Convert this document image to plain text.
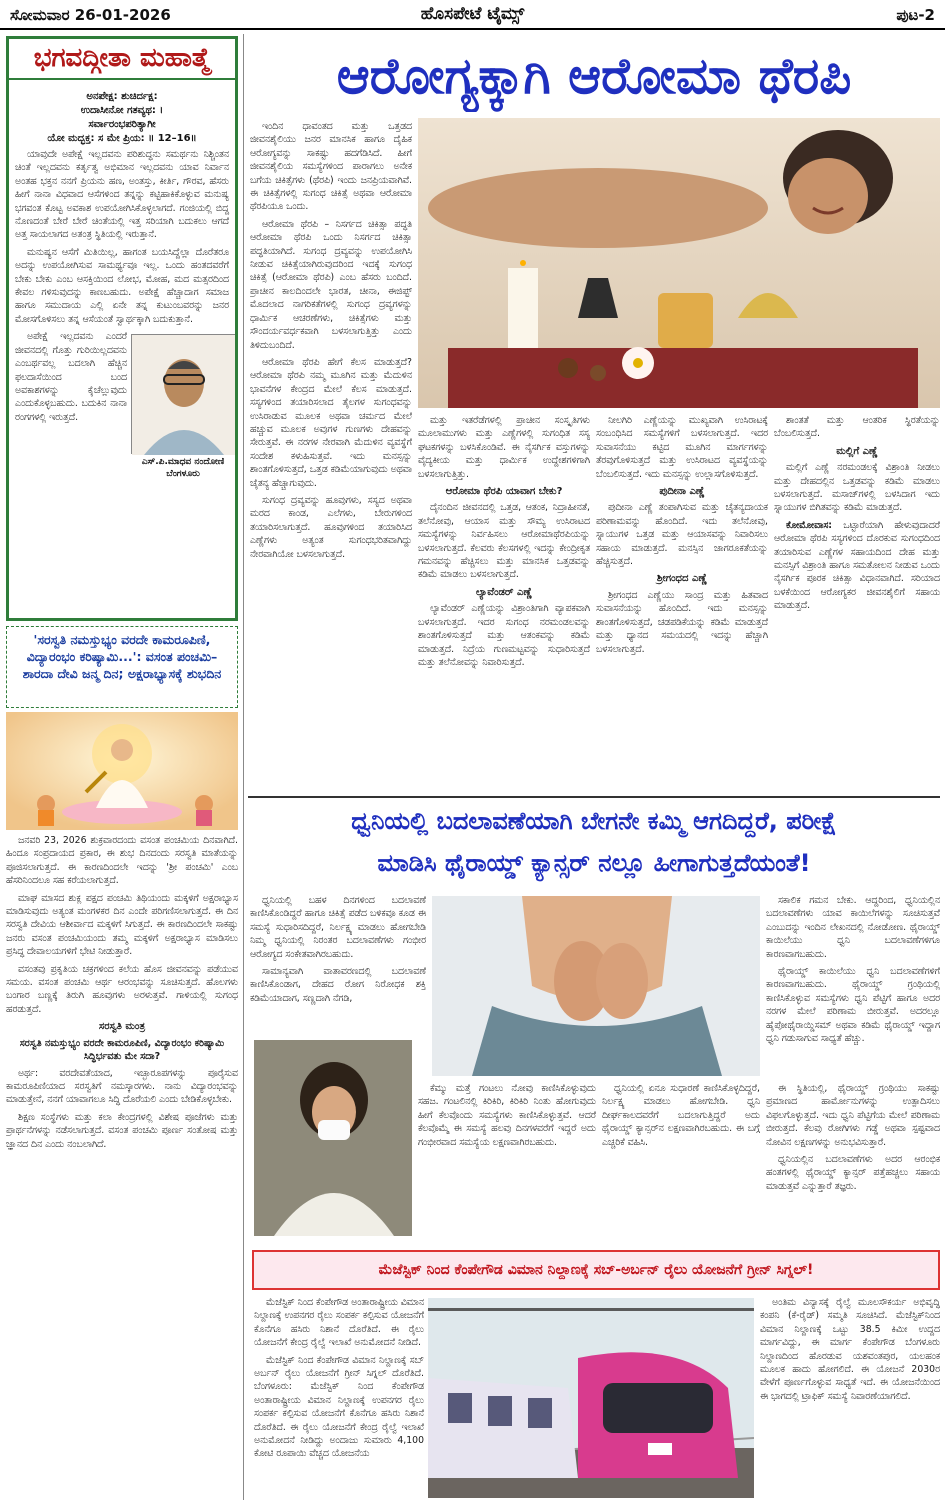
ಸೋಮವಾರ 26-01-2026	ಹೊಸಪೇಟೆ ಟೈಮ್ಸ್	ಪುಟ-2
ಭಗವದ್ಗೀತಾ ಮಹಾತ್ಮೆ
ಅನಪೇಕ್ಷ: ಶುಚಿರ್ದಕ್ಷ:
ಉದಾಸೀನೋ ಗತವ್ಯಥ: ।
ಸರ್ವಾರಂಭಪರಿತ್ಯಾಗೀ
ಯೋ ಮದ್ಭಕ್ತ: ಸ ಮೇ ಪ್ರಿಯ: ॥ 12–16॥

ಯಾವುದೇ ಅಪೇಕ್ಷೆ ಇಲ್ಲದವನು ಪರಿಶುದ್ಧನು ಸಮರ್ಥನು ನಿಶ್ಚಿಂತನ ಚಿಂತೆ ಇಲ್ಲದವನು ಕರ್ತೃತ್ವ ಅಭಿಮಾನ ಇಲ್ಲದವನು ಯಾವ ನಿರ್ವಾನ ಅಂತಹ ಭಕ್ತನ ನನಗೆ ಪ್ರಿಯನು ಹಣ, ಅಂತಸ್ತು, ಕೀರ್ತಿ, ಗೌರವ, ಹೆಸರು ಹೀಗೆ ನಾನಾ ವಿಧವಾದ ಆಸೆಗಳಿಂದ ತನ್ನನ್ನು ಕಟ್ಟಿಹಾಕಿಕೊಳ್ಳುವ ಮನುಷ್ಯ ಭಗವಂತ ಕೊಟ್ಟ ಅವಕಾಶ ಉಪಯೋಗಿಸಿಕೊಳ್ಳಲಾಗದೆ. ಗಂಜಿಯಲ್ಲಿ ಬಿದ್ದ ನೊಣದಂತೆ ಬೇರೆ ಬೇರೆ ಚಿಂತೆಯಲ್ಲಿ ಇತ್ತ ಸರಿಯಾಗಿ ಬದುಕಲು ಆಗದೆ ಅತ್ತ ಸಾಯಲಾಗದ ಅತಂತ್ರ ಸ್ಥಿತಿಯಲ್ಲಿ ಇರುತ್ತಾನೆ.

ಮನುಷ್ಯನ ಆಸೆಗೆ ಮಿತಿಯಿಲ್ಲ, ಹಾಗಂತ ಬಯಸಿದ್ದೆಲ್ಲಾ ದೊರೆತರೂ ಅದನ್ನು ಉಪಯೋಗಿಸುವ ಸಾಮರ್ಥ್ಯವೂ ಇಲ್ಲ. ಒಂದು ಹಂತದವರೆಗೆ ಬೇಕು ಬೇಕು ಎಂಬ ಆಸಕ್ತಿಯಿಂದ ಲೋಭ, ಮೋಹ, ಮದ ಮತ್ಸರದಿಂದ ಕೇವಲ ಗಳಿಸುವುದನ್ನು ಕಾಣಬಹುದು. ಅಪೇಕ್ಷೆ ಹೆಚ್ಚಾದಾಗ ಸಮಾಜ ಹಾಗೂ ಸಮುದಾಯ ಎಲ್ಲಿ ಏನೇ ತನ್ನ ಕುಟುಂಬವರನ್ನು ಜನರ ಮೋಸಗೊಳಿಸಲು ತನ್ನ ಆಸೆಯಂತೆ ಸ್ವಾರ್ಥಕ್ಕಾಗಿ ಬದುಕುತ್ತಾನೆ.

ಅಪೇಕ್ಷೆ ಇಲ್ಲದವನು ಎಂದರೆ ಜೀವನದಲ್ಲಿ ಗೊತ್ತು ಗುರಿಯಿಲ್ಲದವನು ಎಂಬರ್ಥವಲ್ಲ ಬದಲಾಗಿ ಹೆಚ್ಚಿನ ಫಲದಾಸೆಯಿಂದ ಬಂದ ಅವಕಾಶಗಳನ್ನು ಕೈಚೆಲ್ಲುವುದು ಎಂದುಕೊಳ್ಳಬಹುದು. ಬದುಕಿನ ನಾನಾ ರಂಗಗಳಲ್ಲಿ ಇರುತ್ತದೆ.

ಎಸ್.ಪಿ.ಮಾಧವ ನಂದೋಣಿ
ಬೆಂಗಳೂರು
'ಸರಸ್ವತಿ ನಮಸ್ತುಭ್ಯಂ ವರದೇ ಕಾಮರೂಪಿಣಿ, ವಿದ್ಯಾರಂಭಂ ಕರಿಷ್ಯಾಮಿ...': ವಸಂತ ಪಂಚಮಿ– ಶಾರದಾ ದೇವಿ ಜನ್ಮ ದಿನ; ಅಕ್ಷರಾಭ್ಯಾಸಕ್ಕೆ ಶುಭದಿನ

ಜನವರಿ 23, 2026 ಶುಕ್ರವಾರದಂದು ವಸಂತ ಪಂಚಮಿಯ ದಿನವಾಗಿದೆ. ಹಿಂದೂ ಸಂಪ್ರದಾಯದ ಪ್ರಕಾರ, ಈ ಶುಭ ದಿನದಂದು ಸರಸ್ವತಿ ಮಾತೆಯನ್ನು ಪೂಜಿಸಲಾಗುತ್ತದೆ. ಈ ಕಾರಣದಿಂದಲೇ ಇದನ್ನು 'ಶ್ರೀ ಪಂಚಮಿ' ಎಂಬ ಹೆಸರಿನಿಂದಲೂ ಸಹ ಕರೆಯಲಾಗುತ್ತದೆ.

ಮಾಘ ಮಾಸದ ಶುಕ್ಲ ಪಕ್ಷದ ಪಂಚಮಿ ತಿಥಿಯಂದು ಮಕ್ಕಳಿಗೆ ಅಕ್ಷರಾಭ್ಯಾಸ ಮಾಡಿಸುವುದು ಅತ್ಯಂತ ಮಂಗಳಕರ ದಿನ ಎಂದೇ ಪರಿಗಣಿಸಲಾಗುತ್ತದೆ. ಈ ದಿನ ಸರಸ್ವತಿ ದೇವಿಯ ಆಶೀರ್ವಾದ ಮಕ್ಕಳಿಗೆ ಸಿಗುತ್ತದೆ. ಈ ಕಾರಣದಿಂದಲೇ ಸಾಕಷ್ಟು ಜನರು ವಸಂತ ಪಂಚಮಿಯಂದು ತಮ್ಮ ಮಕ್ಕಳಿಗೆ ಅಕ್ಷರಾಭ್ಯಾಸ ಮಾಡಿಸಲು ಪ್ರಸಿದ್ಧ ದೇವಾಲಯಗಳಿಗೆ ಭೇಟಿ ನೀಡುತ್ತಾರೆ.

ವಸಂತವು ಪ್ರಕೃತಿಯ ಚಕ್ರಗಳಿಂದ ಕಲೆಯ ಹೊಸ ಜೀವನವನ್ನು ಪಡೆಯುವ ಸಮಯ. ವಸಂತ ಪಂಚಮಿ ಆರ್ಥ ಆರಂಭವನ್ನು ಸೂಚಿಸುತ್ತದೆ. ಹೊಲಗಳು ಬಂಗಾರ ಬಣ್ಣಕ್ಕೆ ತಿರುಗಿ ಹೂವುಗಳು ಅರಳುತ್ತವೆ. ಗಾಳಿಯಲ್ಲಿ ಸುಗಂಧ ಹರಡುತ್ತದೆ.

ಸರಸ್ವತಿ ಮಂತ್ರ
ಸರಸ್ವತಿ ನಮಸ್ತುಭ್ಯಂ ವರದೇ ಕಾಮರೂಪಿಣಿ, ವಿದ್ಯಾರಂಭಂ ಕರಿಷ್ಯಾಮಿ ಸಿದ್ಧಿರ್ಭವತು ಮೇ ಸದಾ?

ಅರ್ಥ: ವರದೇವತೆಯಾದ, ಇಚ್ಛಾರೂಪಗಳನ್ನು ಪೂರೈಸುವ ಕಾಮರೂಪಿಣಿಯಾದ ಸರಸ್ವತಿಗೆ ನಮಸ್ಕಾರಗಳು. ನಾನು ವಿದ್ಯಾರಂಭವನ್ನು ಮಾಡುತ್ತೇನೆ, ನನಗೆ ಯಾವಾಗಲೂ ಸಿದ್ಧಿ ದೊರೆಯಲಿ ಎಂದು ಬೇಡಿಕೊಳ್ಳಬೇಕು.

ಶಿಕ್ಷಣ ಸಂಸ್ಥೆಗಳು ಮತ್ತು ಕಲಾ ಕೇಂದ್ರಗಳಲ್ಲಿ ವಿಶೇಷ ಪೂಜೆಗಳು ಮತ್ತು ಪ್ರಾರ್ಥನೆಗಳನ್ನು ನಡೆಸಲಾಗುತ್ತದೆ. ವಸಂತ ಪಂಚಮಿ ಪೂರ್ಣ ಸಂತೋಷ ಮತ್ತು ಜ್ಞಾನದ ದಿನ ಎಂದು ನಂಬಲಾಗಿದೆ.

ಆರೋಗ್ಯಕ್ಕಾಗಿ ಆರೋಮಾ ಥೆರಪಿ

ಇಂದಿನ ಧಾವಂತದ ಮತ್ತು ಒತ್ತಡದ ಜೀವನಶೈಲಿಯು ಜನರ ಮಾನಸಿಕ ಹಾಗೂ ದೈಹಿಕ ಆರೋಗ್ಯವನ್ನು ಸಾಕಷ್ಟು ಹದಗೆಡಿಸಿದೆ. ಹೀಗೆ ಜೀವನಶೈಲಿಯ ಸಮಸ್ಯೆಗಳಿಂದ ಪಾರಾಗಲು ಅನೇಕ ಬಗೆಯ ಚಿಕಿತ್ಸೆಗಳು (ಥೆರಪಿ) ಇಂದು ಜನಪ್ರಿಯವಾಗಿವೆ. ಈ ಚಿಕಿತ್ಸೆಗಳಲ್ಲಿ ಸುಗಂಧ ಚಿಕಿತ್ಸೆ ಅಥವಾ ಆರೋಮಾ ಥೆರಪಿಯೂ ಒಂದು.

ಆರೋಮಾ ಥೆರಪಿ – ನಿಸರ್ಗದ ಚಿಕಿತ್ಸಾ ಪದ್ಧತಿ ಆರೋಮಾ ಥೆರಪಿ ಒಂದು ನಿಸರ್ಗದ ಚಿಕಿತ್ಸಾ ಪದ್ಧತಿಯಾಗಿದೆ. ಸುಗಂಧ ದ್ರವ್ಯವನ್ನು ಉಪಯೋಗಿಸಿ ನೀಡುವ ಚಿಕಿತ್ಸೆಯಾಗಿರುವುದರಿಂದ ಇದಕ್ಕೆ ಸುಗಂಧ ಚಿಕಿತ್ಸೆ (ಆರೋಮಾ ಥೆರಪಿ) ಎಂಬ ಹೆಸರು ಬಂದಿದೆ. ಪ್ರಾಚೀನ ಕಾಲದಿಂದಲೇ ಭಾರತ, ಚೀನಾ, ಈಜಿಪ್ಟ್ ಮೊದಲಾದ ನಾಗರಿಕತೆಗಳಲ್ಲಿ ಸುಗಂಧ ದ್ರವ್ಯಗಳನ್ನು ಧಾರ್ಮಿಕ ಆಚರಣೆಗಳು, ಚಿಕಿತ್ಸೆಗಳು ಮತ್ತು ಸೌಂದರ್ಯವರ್ಧಕವಾಗಿ ಬಳಸಲಾಗುತ್ತಿತ್ತು ಎಂದು ತಿಳಿದುಬಂದಿದೆ.

ಆರೋಮಾ ಥೆರಪಿ ಹೇಗೆ ಕೆಲಸ ಮಾಡುತ್ತದೆ? ಆರೋಮಾ ಥೆರಪಿ ನಮ್ಮ ಮೂಗಿನ ಮತ್ತು ಮೆದುಳಿನ ಭಾವನೆಗಳ ಕೇಂದ್ರದ ಮೇಲೆ ಕೆಲಸ ಮಾಡುತ್ತದೆ. ಸಸ್ಯಗಳಿಂದ ತಯಾರಿಸಲಾದ ತೈಲಗಳ ಸುಗಂಧವನ್ನು ಉಸಿರಾಡುವ ಮೂಲಕ ಅಥವಾ ಚರ್ಮದ ಮೇಲೆ ಹಚ್ಚುವ ಮೂಲಕ ಅವುಗಳ ಗುಣಗಳು ದೇಹವನ್ನು ಸೇರುತ್ತವೆ. ಈ ನರಗಳ ನೇರವಾಗಿ ಮೆದುಳಿನ ವ್ಯವಸ್ಥೆಗೆ ಸಂದೇಶ ಕಳುಹಿಸುತ್ತವೆ. ಇದು ಮನಸ್ಸನ್ನು ಶಾಂತಗೊಳಿಸುತ್ತದೆ, ಒತ್ತಡ ಕಡಿಮೆಯಾಗುವುದು ಅಥವಾ ಚೈತನ್ಯ ಹೆಚ್ಚಾಗುವುದು.

ಸುಗಂಧ ದ್ರವ್ಯವನ್ನು ಹೂವುಗಳು, ಸಸ್ಯದ ಅಥವಾ ಮರದ ಕಾಂಡ, ಎಲೆಗಳು, ಬೇರುಗಳಿಂದ ತಯಾರಿಸಲಾಗುತ್ತದೆ. ಹೂವುಗಳಿಂದ ತಯಾರಿಸಿದ ಎಣ್ಣೆಗಳು ಅತ್ಯಂತ ಸುಗಂಧಭರಿತವಾಗಿದ್ದು ನೇರವಾಗಿಯೋ ಬಳಸಲಾಗುತ್ತದೆ.

ಮತ್ತು ಇತರೆಡೆಗಳಲ್ಲಿ ಪ್ರಾಚೀನ ಸಂಸ್ಕೃತಿಗಳು ಮೂಲಾಮುಗಳು ಮತ್ತು ಎಣ್ಣೆಗಳಲ್ಲಿ ಸುಗಂಧಿತ ಸಸ್ಯ ಘಟಕಗಳನ್ನು ಬಳಸಿಕೊಂಡಿವೆ. ಈ ನೈಸರ್ಗಿಕ ವಸ್ತುಗಳನ್ನು ವೈದ್ಯಕೀಯ ಮತ್ತು ಧಾರ್ಮಿಕ ಉದ್ದೇಶಗಳಿಗಾಗಿ ಬಳಸಲಾಗುತ್ತಿತ್ತು.

ಆರೋಮಾ ಥೆರಪಿ ಯಾವಾಗ ಬೇಕು?

ದೈನಂದಿನ ಜೀವನದಲ್ಲಿ ಒತ್ತಡ, ಆತಂಕ, ನಿದ್ರಾಹೀನತೆ, ತಲೆನೋವು, ಆಯಾಸ ಮತ್ತು ಸೌಮ್ಯ ಉಸಿರಾಟದ ಸಮಸ್ಯೆಗಳನ್ನು ನಿರ್ವಹಿಸಲು ಆರೋಮಾಥೆರಪಿಯನ್ನು ಬಳಸಲಾಗುತ್ತದೆ. ಕೆಲವರು ಕೆಲಸಗಳಲ್ಲಿ ಇದನ್ನು ಕೇಂದ್ರೀಕೃತ ಗಮನವನ್ನು ಹೆಚ್ಚಿಸಲು ಮತ್ತು ಮಾನಸಿಕ ಒತ್ತಡವನ್ನು ಕಡಿಮೆ ಮಾಡಲು ಬಳಸಲಾಗುತ್ತದೆ.

ಲ್ಯಾವೆಂಡರ್ ಎಣ್ಣೆ

ಲ್ಯಾವೆಂಡರ್ ಎಣ್ಣೆಯನ್ನು ವಿಶ್ರಾಂತಿಗಾಗಿ ವ್ಯಾಪಕವಾಗಿ ಬಳಸಲಾಗುತ್ತದೆ. ಇದರ ಸುಗಂಧ ನರಮಂಡಲವನ್ನು ಶಾಂತಗೊಳಿಸುತ್ತದೆ ಮತ್ತು ಆತಂಕವನ್ನು ಕಡಿಮೆ ಮಾಡುತ್ತದೆ. ನಿದ್ರೆಯ ಗುಣಮಟ್ಟವನ್ನು ಸುಧಾರಿಸುತ್ತದೆ ಮತ್ತು ತಲೆನೋವನ್ನು ನಿವಾರಿಸುತ್ತದೆ.

ನೀಲಗಿರಿ ಎಣ್ಣೆಯನ್ನು ಮುಖ್ಯವಾಗಿ ಉಸಿರಾಟಕ್ಕೆ ಸಂಬಂಧಿಸಿದ ಸಮಸ್ಯೆಗಳಿಗೆ ಬಳಸಲಾಗುತ್ತದೆ. ಇದರ ಸುವಾಸನೆಯು ಕಟ್ಟಿದ ಮೂಗಿನ ಮಾರ್ಗಗಳನ್ನು ತೆರವುಗೊಳಿಸುತ್ತದೆ ಮತ್ತು ಉಸಿರಾಟದ ವ್ಯವಸ್ಥೆಯನ್ನು ಬೆಂಬಲಿಸುತ್ತದೆ. ಇದು ಮನಸ್ಸನ್ನು ಉಲ್ಲಾಸಗೊಳಿಸುತ್ತದೆ.

ಪುದೀನಾ ಎಣ್ಣೆ

ಪುದೀನಾ ಎಣ್ಣೆ ತಂಪಾಗಿಸುವ ಮತ್ತು ಚೈತನ್ಯದಾಯಕ ಪರಿಣಾಮವನ್ನು ಹೊಂದಿದೆ. ಇದು ತಲೆನೋವು, ಸ್ನಾಯುಗಳ ಒತ್ತಡ ಮತ್ತು ಆಯಾಸವನ್ನು ನಿವಾರಿಸಲು ಸಹಾಯ ಮಾಡುತ್ತದೆ. ಮನಸ್ಸಿನ ಜಾಗರೂಕತೆಯನ್ನು ಹೆಚ್ಚಿಸುತ್ತದೆ.

ಶ್ರೀಗಂಧದ ಎಣ್ಣೆ

ಶ್ರೀಗಂಧದ ಎಣ್ಣೆಯು ಸಾಂದ್ರ ಮತ್ತು ಹಿತವಾದ ಸುವಾಸನೆಯನ್ನು ಹೊಂದಿದೆ. ಇದು ಮನಸ್ಸನ್ನು ಶಾಂತಗೊಳಿಸುತ್ತದೆ, ಚಡಪಡಿಕೆಯನ್ನು ಕಡಿಮೆ ಮಾಡುತ್ತದೆ ಮತ್ತು ಧ್ಯಾನದ ಸಮಯದಲ್ಲಿ ಇದನ್ನು ಹೆಚ್ಚಾಗಿ ಬಳಸಲಾಗುತ್ತದೆ.

ಶಾಂತತೆ ಮತ್ತು ಆಂತರಿಕ ಸ್ಥಿರತೆಯನ್ನು ಬೆಂಬಲಿಸುತ್ತದೆ.

ಮಲ್ಲಿಗೆ ಎಣ್ಣೆ

ಮಲ್ಲಿಗೆ ಎಣ್ಣೆ ನರಮಂಡಲಕ್ಕೆ ವಿಶ್ರಾಂತಿ ನೀಡಲು ಮತ್ತು ದೇಹದಲ್ಲಿನ ಒತ್ತಡವನ್ನು ಕಡಿಮೆ ಮಾಡಲು ಬಳಸಲಾಗುತ್ತದೆ. ಮಸಾಜ್‌ಗಳಲ್ಲಿ ಬಳಸಿದಾಗ ಇದು ಸ್ನಾಯುಗಳ ಬಿಗಿತವನ್ನು ಕಡಿಮೆ ಮಾಡುತ್ತದೆ.

ಕೋಮೋವಾಸ: ಒಟ್ಟಾರೆಯಾಗಿ ಹೇಳುವುದಾದರೆ ಆರೋಮಾ ಥೆರಪಿ ಸಸ್ಯಗಳಿಂದ ದೊರಕುವ ಸುಗಂಧದಿಂದ ತಯಾರಿಸುವ ಎಣ್ಣೆಗಳ ಸಹಾಯದಿಂದ ದೇಹ ಮತ್ತು ಮನಸ್ಸಿಗೆ ವಿಶ್ರಾಂತಿ ಹಾಗೂ ಸಮತೋಲನ ನೀಡುವ ಒಂದು ನೈಸರ್ಗಿಕ ಪೂರಕ ಚಿಕಿತ್ಸಾ ವಿಧಾನವಾಗಿದೆ. ಸರಿಯಾದ ಬಳಕೆಯಿಂದ ಆರೋಗ್ಯಕರ ಜೀವನಶೈಲಿಗೆ ಸಹಾಯ ಮಾಡುತ್ತದೆ.

ಧ್ವನಿಯಲ್ಲಿ ಬದಲಾವಣೆಯಾಗಿ ಬೇಗನೇ ಕಮ್ಮಿ ಆಗದಿದ್ದರೆ, ಪರೀಕ್ಷೆ
ಮಾಡಿಸಿ ಥೈರಾಯ್ಡ್ ಕ್ಯಾನ್ಸರ್ ನಲ್ಲೂ ಹೀಗಾಗುತ್ತದೆಯಂತೆ!

ಧ್ವನಿಯಲ್ಲಿ ಬಹಳ ದಿನಗಳಿಂದ ಬದಲಾವಣೆ ಕಾಣಿಸಿಕೊಂಡಿದ್ದರೆ ಹಾಗೂ ಚಿಕಿತ್ಸೆ ಪಡೆದ ಬಳಿಕವೂ ಕೂಡ ಈ ಸಮಸ್ಯೆ ಸುಧಾರಿಸದಿದ್ದರೆ, ನಿರ್ಲಕ್ಷ್ಯ ಮಾಡಲು ಹೋಗಬೇಡಿ ನಿಮ್ಮ ಧ್ವನಿಯಲ್ಲಿ ನಿರಂತರ ಬದಲಾವಣೆಗಳು ಗಂಭೀರ ಆರೋಗ್ಯದ ಸಂಕೇತವಾಗಿರಬಹುದು.

ಸಾಮಾನ್ಯವಾಗಿ ವಾತಾವರಣದಲ್ಲಿ ಬದಲಾವಣೆ ಕಾಣಿಸಿಕೊಂಡಾಗ, ದೇಹದ ರೋಗ ನಿರೋಧಕ ಶಕ್ತಿ ಕಡಿಮೆಯಾದಾಗ, ಸಣ್ಣದಾಗಿ ನೆಗಡಿ,

ಸಕಾಲಿಕ ಗಮನ ಬೇಕು. ಆದ್ದರಿಂದ, ಧ್ವನಿಯಲ್ಲಿನ ಬದಲಾವಣೆಗಳು ಯಾವ ಕಾಯಿಲೆಗಳನ್ನು ಸೂಚಿಸುತ್ತವೆ ಎಂಬುದನ್ನು ಇಂದಿನ ಲೇಖನದಲ್ಲಿ ನೋಡೋಣ. ಥೈರಾಯ್ಡ್ ಕಾಯಿಲೆಯು ಧ್ವನಿ ಬದಲಾವಣೆಗಳಿಗೂ ಕಾರಣವಾಗಬಹುದು.

ಥೈರಾಯ್ಡ್ ಕಾಯಿಲೆಯು ಧ್ವನಿ ಬದಲಾವಣೆಗಳಿಗೆ ಕಾರಣವಾಗಬಹುದು. ಥೈರಾಯ್ಡ್ ಗ್ರಂಥಿಯಲ್ಲಿ ಕಾಣಿಸಿಕೊಳ್ಳುವ ಸಮಸ್ಯೆಗಳು ಧ್ವನಿ ಪೆಟ್ಟಿಗೆ ಹಾಗೂ ಅದರ ನರಗಳ ಮೇಲೆ ಪರಿಣಾಮ ಬೀರುತ್ತವೆ. ಅದರಲ್ಲೂ ಹೈಪೋಥೈರಾಯ್ಡಿಸಮ್ ಅಥವಾ ಕಡಿಮೆ ಥೈರಾಯ್ಡ್ ಇದ್ದಾಗ ಧ್ವನಿ ಗಡುಸಾಗುವ ಸಾಧ್ಯತೆ ಹೆಚ್ಚು.

ಕೆಮ್ಮು ಮತ್ತೆ ಗಂಟಲು ನೋವು ಕಾಣಿಸಿಕೊಳ್ಳುವುದು ಸಹಜ. ಗಂಟಲಿನಲ್ಲಿ ಕಿರಿಕಿರಿ, ಕಿರಿಕಿರಿ ನಿಂತು ಹೋಗುವುದು ಹೀಗೆ ಕೆಲವೊಂದು ಸಮಸ್ಯೆಗಳು ಕಾಣಿಸಿಕೊಳ್ಳುತ್ತವೆ. ಆದರೆ ಕೆಲವೊಮ್ಮೆ ಈ ಸಮಸ್ಯೆ ಹಲವು ದಿನಗಳವರೆಗೆ ಇದ್ದರೆ ಅದು ಗಂಭೀರವಾದ ಸಮಸ್ಯೆಯ ಲಕ್ಷಣವಾಗಿರಬಹುದು.

ಧ್ವನಿಯಲ್ಲಿ ಏನೂ ಸುಧಾರಣೆ ಕಾಣಿಸಿಕೊಳ್ಳದಿದ್ದರೆ, ನಿರ್ಲಕ್ಷ್ಯ ಮಾಡಲು ಹೋಗಬೇಡಿ. ಧ್ವನಿ ದೀರ್ಘಕಾಲದವರೆಗೆ ಬದಲಾಗುತ್ತಿದ್ದರೆ ಅದು ಥೈರಾಯ್ಡ್ ಕ್ಯಾನ್ಸರ್‌ನ ಲಕ್ಷಣವಾಗಿರಬಹುದು. ಈ ಬಗ್ಗೆ ಎಚ್ಚರಿಕೆ ವಹಿಸಿ.

ಈ ಸ್ಥಿತಿಯಲ್ಲಿ, ಥೈರಾಯ್ಡ್ ಗ್ರಂಥಿಯು ಸಾಕಷ್ಟು ಪ್ರಮಾಣದ ಹಾರ್ಮೋನುಗಳನ್ನು ಉತ್ಪಾದಿಸಲು ವಿಫಲಗೊಳ್ಳುತ್ತದೆ. ಇದು ಧ್ವನಿ ಪೆಟ್ಟಿಗೆಯ ಮೇಲೆ ಪರಿಣಾಮ ಬೀರುತ್ತದೆ. ಕೆಲವು ರೋಗಿಗಳು ಗಡ್ಡೆ ಅಥವಾ ಸ್ಪಷ್ಟವಾದ ನೋವಿನ ಲಕ್ಷಣಗಳನ್ನು ಅನುಭವಿಸುತ್ತಾರೆ.

ಧ್ವನಿಯಲ್ಲಿನ ಬದಲಾವಣೆಗಳು ಅದರ ಆರಂಭಿಕ ಹಂತಗಳಲ್ಲಿ ಥೈರಾಯ್ಡ್ ಕ್ಯಾನ್ಸರ್‌ ಪತ್ತೆಹಚ್ಚಲು ಸಹಾಯ ಮಾಡುತ್ತವೆ ಎನ್ನುತ್ತಾರೆ ತಜ್ಞರು.

ಮೆಜೆಸ್ಟಿಕ್ ನಿಂದ ಕೆಂಪೇಗೌಡ ವಿಮಾನ ನಿಲ್ದಾಣಕ್ಕೆ ಸಬ್-ಅರ್ಬನ್ ರೈಲು ಯೋಜನೆಗೆ ಗ್ರೀನ್ ಸಿಗ್ನಲ್!

ಮೆಜೆಸ್ಟಿಕ್ ನಿಂದ ಕೆಂಪೇಗೌಡ ಅಂತಾರಾಷ್ಟ್ರೀಯ ವಿಮಾನ ನಿಲ್ದಾಣಕ್ಕೆ ಉಪನಗರ ರೈಲು ಸಂಪರ್ಕ ಕಲ್ಪಿಸುವ ಯೋಜನೆಗೆ ಕೊನೆಗೂ ಹಸಿರು ನಿಶಾನೆ ದೊರೆತಿದೆ. ಈ ರೈಲು ಯೋಜನೆಗೆ ಕೇಂದ್ರ ರೈಲ್ವೆ ಇಲಾಖೆ ಅನುಮೋದನೆ ನೀಡಿದೆ.

ಮೆಜೆಸ್ಟಿಕ್ ನಿಂದ ಕೆಂಪೇಗೌಡ ವಿಮಾನ ನಿಲ್ದಾಣಕ್ಕೆ ಸಬ್ ಅರ್ಬನ್ ರೈಲು ಯೋಜನೆಗೆ ಗ್ರೀನ್ ಸಿಗ್ನಲ್ ದೊರೆತಿದೆ. ಬೆಂಗಳೂರು: ಮೆಜೆಸ್ಟಿಕ್ ನಿಂದ ಕೆಂಪೇಗೌಡ ಅಂತಾರಾಷ್ಟ್ರೀಯ ವಿಮಾನ ನಿಲ್ದಾಣಕ್ಕೆ ಉಪನಗರ ರೈಲು ಸಂಪರ್ಕ ಕಲ್ಪಿಸುವ ಯೋಜನೆಗೆ ಕೊನೆಗೂ ಹಸಿರು ನಿಶಾನೆ ದೊರೆತಿದೆ. ಈ ರೈಲು ಯೋಜನೆಗೆ ಕೇಂದ್ರ ರೈಲ್ವೆ ಇಲಾಖೆ ಅನುಮೋದನೆ ನೀಡಿದ್ದು ಅಂದಾಜು ಸುಮಾರು 4,100 ಕೋಟಿ ರೂಪಾಯಿ ವೆಚ್ಚದ ಯೋಜನೆಯ

ಅಂತಿಮ ವಿನ್ಯಾಸಕ್ಕೆ ರೈಲ್ವೆ ಮೂಲಸೌಕರ್ಯ ಅಭಿವೃದ್ಧಿ ಕಂಪನಿ (ಕೆ-ರೈಡ್) ಸಮ್ಮತಿ ಸೂಚಿಸಿದೆ. ಮೆಜೆಸ್ಟಿಕ್‌ನಿಂದ ವಿಮಾನ ನಿಲ್ದಾಣಕ್ಕೆ ಒಟ್ಟು 38.5 ಕಿಮೀ ಉದ್ದದ ಮಾರ್ಗವಿದ್ದು, ಈ ಮಾರ್ಗ ಕೆಂಪೇಗೌಡ ಬೆಂಗಳೂರು ನಿಲ್ದಾಣದಿಂದ ಹೊರಡುವ ಯಶವಂತಪುರ, ಯಲಹಂಕ ಮೂಲಕ ಹಾದು ಹೋಗಲಿದೆ. ಈ ಯೋಜನೆ 2030ರ ವೇಳೆಗೆ ಪೂರ್ಣಗೊಳ್ಳುವ ಸಾಧ್ಯತೆ ಇದೆ. ಈ ಯೋಜನೆಯಿಂದ ಈ ಭಾಗದಲ್ಲಿ ಟ್ರಾಫಿಕ್ ಸಮಸ್ಯೆ ನಿವಾರಣೆಯಾಗಲಿದೆ.
